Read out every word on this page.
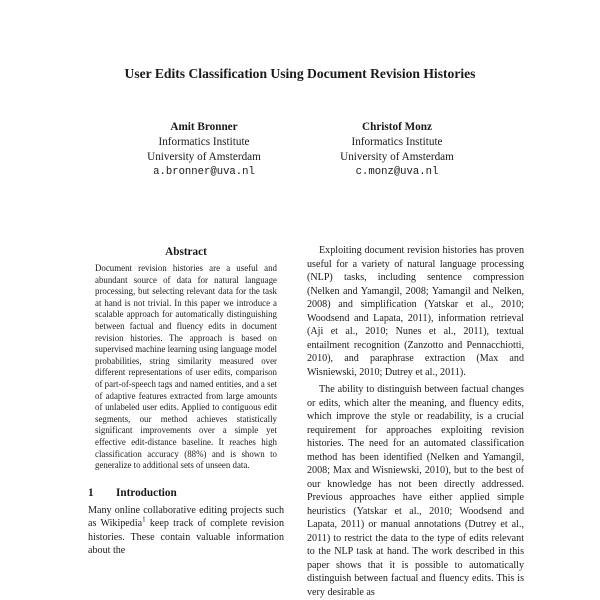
User Edits Classification Using Document Revision Histories
Amit Bronner
Informatics Institute
University of Amsterdam
a.bronner@uva.nl
Christof Monz
Informatics Institute
University of Amsterdam
c.monz@uva.nl
Abstract
Document revision histories are a useful and abundant source of data for natural language processing, but selecting relevant data for the task at hand is not trivial. In this paper we introduce a scalable approach for automatically distinguishing between factual and fluency edits in document revision histories. The approach is based on supervised machine learning using language model probabilities, string similarity measured over different representations of user edits, comparison of part-of-speech tags and named entities, and a set of adaptive features extracted from large amounts of unlabeled user edits. Applied to contiguous edit segments, our method achieves statistically significant improvements over a simple yet effective edit-distance baseline. It reaches high classification accuracy (88%) and is shown to generalize to additional sets of unseen data.
1 Introduction
Many online collaborative editing projects such as Wikipedia$^1$ keep track of complete revision histories. These contain valuable information about the

Exploiting document revision histories has proven useful for a variety of natural language processing (NLP) tasks, including sentence compression (Nelken and Yamangil, 2008; Yamangil and Nelken, 2008) and simplification (Yatskar et al., 2010; Woodsend and Lapata, 2011), information retrieval (Aji et al., 2010; Nunes et al., 2011), textual entailment recognition (Zanzotto and Pennacchiotti, 2010), and paraphrase extraction (Max and Wisniewski, 2010; Dutrey et al., 2011).

The ability to distinguish between factual changes or edits, which alter the meaning, and fluency edits, which improve the style or readability, is a crucial requirement for approaches exploiting revision histories. The need for an automated classification method has been identified (Nelken and Yamangil, 2008; Max and Wisniewski, 2010), but to the best of our knowledge has not been directly addressed. Previous approaches have either applied simple heuristics (Yatskar et al., 2010; Woodsend and Lapata, 2011) or manual annotations (Dutrey et al., 2011) to restrict the data to the type of edits relevant to the NLP task at hand. The work described in this paper shows that it is possible to automatically distinguish between factual and fluency edits. This is very desirable as
